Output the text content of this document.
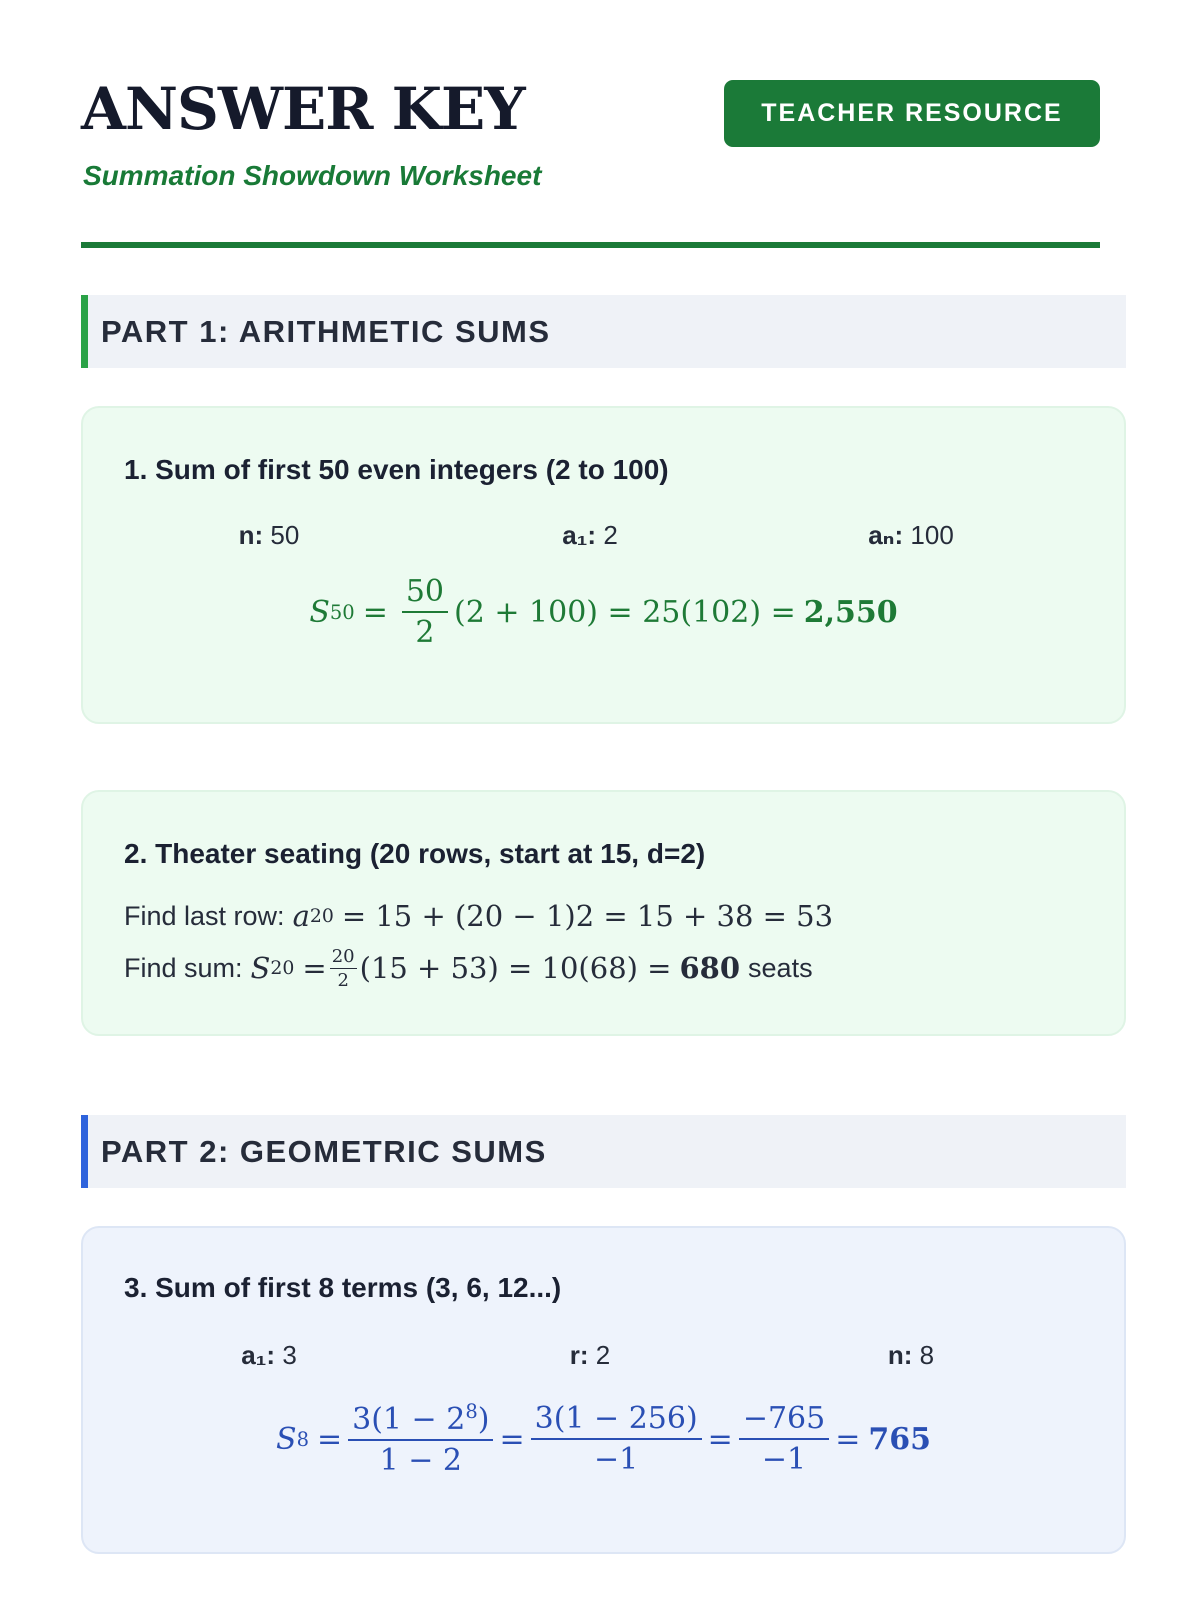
ANSWER KEY
Summation Showdown Worksheet
TEACHER RESOURCE
PART 1: ARITHMETIC SUMS
1. Sum of first 50 even integers (2 to 100)
n: 50	a₁: 2	aₙ: 100
S $50 = \frac{50}{2} (2 + 100) = 25(102) = 2,550$
2. Theater seating (20 rows, start at 15, d=2)
Find last row: a 20 = 15 + (20 − 1)2 = 15 + 38 = 53
Find sum: S $20 = \frac{20}{2} (15 + 53) = 10(68) = 680$ seats
PART 2: GEOMETRIC SUMS
3. Sum of first 8 terms (3, 6, 12...)
a₁: 3	r: 2	n: 8
S $8 = \frac{3(1 - 2^8)}{1 - 2} = \frac{3(1 - 256)}{-1} = \frac{-765}{-1} = 765$
